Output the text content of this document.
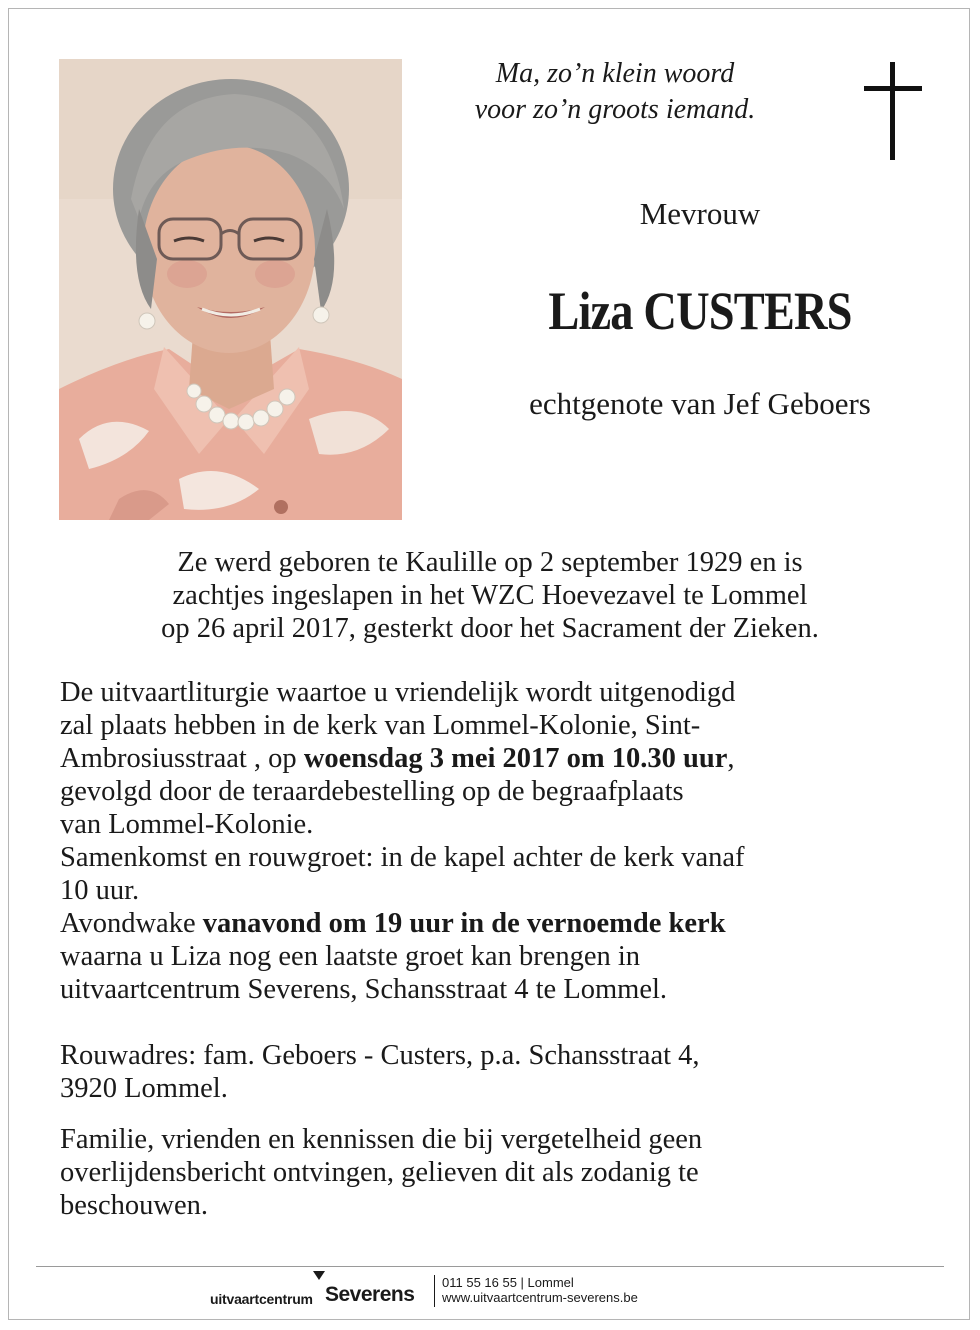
Ma, zo’n klein woord
voor zo’n groots iemand.
Mevrouw
Liza CUSTERS
echtgenote van Jef Geboers
Ze werd geboren te Kaulille op 2 september 1929 en is
zachtjes ingeslapen in het WZC Hoevezavel te Lommel
op 26 april 2017, gesterkt door het Sacrament der Zieken.

De uitvaartliturgie waartoe u vriendelijk wordt uitgenodigd

zal plaats hebben in de kerk van Lommel-Kolonie, Sint-

Ambrosiusstraat , op woensdag 3 mei 2017 om 10.30 uur,

gevolgd door de teraardebestelling op de begraafplaats

van Lommel-Kolonie.

Samenkomst en rouwgroet: in de kapel achter de kerk vanaf

10 uur.

Avondwake vanavond om 19 uur in de vernoemde kerk

waarna u Liza nog een laatste groet kan brengen in

uitvaartcentrum Severens, Schansstraat 4 te Lommel.

Rouwadres: fam. Geboers - Custers, p.a. Schansstraat 4,

3920 Lommel.

Familie, vrienden en kennissen die bij vergetelheid geen

overlijdensbericht ontvingen, gelieven dit als zodanig te

beschouwen.

uitvaartcentrum Severens
011 55 16 55 | Lommel
www.uitvaartcentrum-severens.be
